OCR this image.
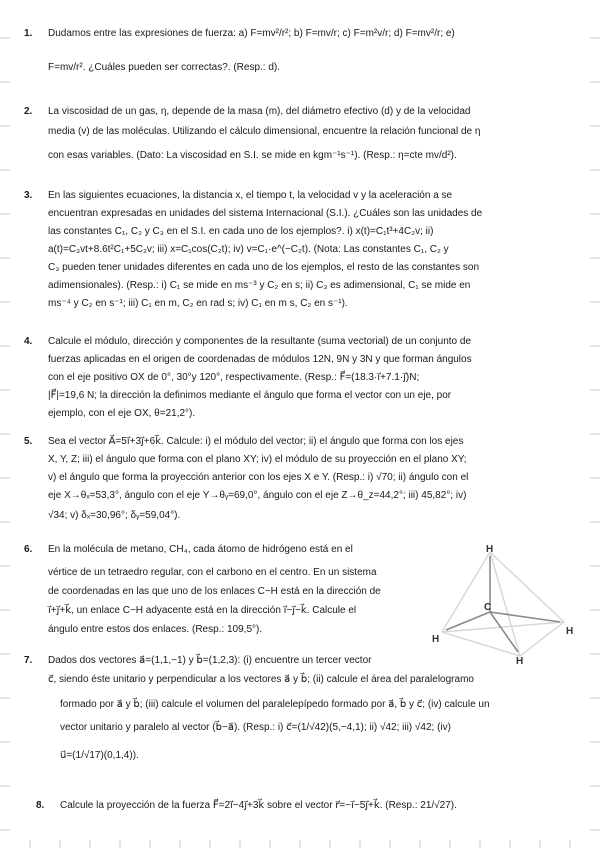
1. Dudamos entre las expresiones de fuerza: a) F=mv²/r²; b) F=mv/r; c) F=m²v/r; d) F=mv²/r; e)
F=mv/r². ¿Cuáles pueden ser correctas?. (Resp.: d).
2. La viscosidad de un gas, η, depende de la masa (m), del diámetro efectivo (d) y de la velocidad
media (v) de las moléculas. Utilizando el cálculo dimensional, encuentre la relación funcional de η
con esas variables. (Dato: La viscosidad en S.I. se mide en kgm⁻¹s⁻¹). (Resp.: η=cte mv/d²).
3. En las siguientes ecuaciones, la distancia x, el tiempo t, la velocidad v y la aceleración a se
encuentran expresadas en unidades del sistema Internacional (S.I.). ¿Cuáles son las unidades de
las constantes C₁, C₂ y C₃ en el S.I. en cada uno de los ejemplos?. i) x(t)=C₁t³+4C₂v; ii)
a(t)=C₃vt+8.6t²C₁+5C₂v; iii) x=C₁cos(C₂t); iv) v=C₁·e^(−C₂t). (Nota: Las constantes C₁, C₂ y
C₃ pueden tener unidades diferentes en cada uno de los ejemplos, el resto de las constantes son
adimensionales). (Resp.: i) C₁ se mide en ms⁻³ y C₂ en s; ii) C₃ es adimensional, C₁ se mide en
ms⁻⁴ y C₂ en s⁻¹; iii) C₁ en m, C₂ en rad s; iv) C₁ en m s, C₂ en s⁻¹).
4. Calcule el módulo, dirección y componentes de la resultante (suma vectorial) de un conjunto de
fuerzas aplicadas en el origen de coordenadas de módulos 12N, 9N y 3N y que forman ángulos
con el eje positivo OX de 0°, 30°y 120°, respectivamente. (Resp.: F⃗=(18.3·i⃗+7.1·j⃗)N;
|F⃗|=19,6 N; la dirección la definimos mediante el ángulo que forma el vector con un eje, por
ejemplo, con el eje OX, θ=21,2°).
5. Sea el vector A⃗=5i⃗+3j⃗+6k⃗. Calcule: i) el módulo del vector; ii) el ángulo que forma con los ejes
X, Y, Z; iii) el ángulo que forma con el plano XY; iv) el módulo de su proyección en el plano XY;
v) el ángulo que forma la proyección anterior con los ejes X e Y. (Resp.: i) √70; ii) ángulo con el
eje X→θₓ=53,3°, ángulo con el eje Y→θᵧ=69,0°, ángulo con el eje Z→θ_z=44,2°; iii) 45,82°; iv)
√34; v) δₓ=30,96°; δᵧ=59,04°).
6. En la molécula de metano, CH₄, cada átomo de hidrógeno está en el
vértice de un tetraedro regular, con el carbono en el centro. En un sistema
de coordenadas en las que uno de los enlaces C−H está en la dirección de
i⃗+j⃗+k⃗, un enlace C−H adyacente está en la dirección i⃗−j⃗−k⃗. Calcule el
ángulo entre estos dos enlaces. (Resp.: 109,5°).
H
H
H
H
C
7. Dados dos vectores a⃗=(1,1,−1) y b⃗=(1,2,3): (i) encuentre un tercer vector
c⃗, siendo éste unitario y perpendicular a los vectores a⃗ y b⃗; (ii) calcule el área del paralelogramo
formado por a⃗ y b⃗; (iii) calcule el volumen del paralelepípedo formado por a⃗, b⃗ y c⃗; (iv) calcule un
vector unitario y paralelo al vector (b⃗−a⃗). (Resp.: i) c⃗=(1/√42)(5,−4,1); ii) √42; iii) √42; (iv)
u⃗=(1/√17)(0,1,4)).
8. Calcule la proyección de la fuerza F⃗=2i⃗−4j⃗+3k⃗ sobre el vector r⃗=−i⃗−5j⃗+k⃗. (Resp.: 21/√27).
